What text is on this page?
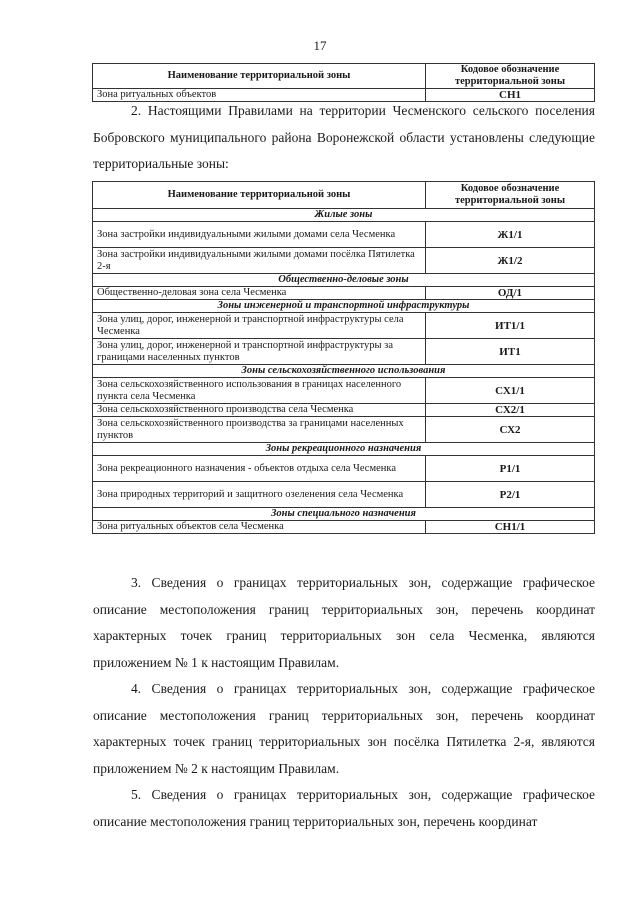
17
Наименование территориальной зоны	Кодовое обозначение территориальной зоны
Зона ритуальных объектов	СН1

2. Настоящими Правилами на территории Чесменского сельского поселения Бобровского муниципального района Воронежской области установлены следующие территориальные зоны:

Наименование территориальной зоны	Кодовое обозначение территориальной зоны
Жилые зоны	
Зона застройки индивидуальными жилыми домами села Чесменка	Ж1/1
Зона застройки индивидуальными жилыми домами посёлка Пятилетка 2-я	Ж1/2
Общественно-деловые зоны	
Общественно-деловая зона села Чесменка	ОД/1
Зоны инженерной и транспортной инфраструктуры	
Зона улиц, дорог, инженерной и транспортной инфраструктуры села Чесменка	ИТ1/1
Зона улиц, дорог, инженерной и транспортной инфраструктуры за границами населенных пунктов	ИТ1
Зоны сельскохозяйственного использования	
Зона сельскохозяйственного использования в границах населенного пункта села Чесменка	СХ1/1
Зона сельскохозяйственного производства села Чесменка	СХ2/1
Зона сельскохозяйственного производства за границами населенных пунктов	СХ2
Зоны рекреационного назначения	
Зона рекреационного назначения - объектов отдыха села Чесменка	Р1/1
Зона природных территорий и защитного озеленения села Чесменка	Р2/1
Зоны специального назначения	
Зона ритуальных объектов села Чесменка	СН1/1

3. Сведения о границах территориальных зон, содержащие графическое описание местоположения границ территориальных зон, перечень координат характерных точек границ территориальных зон села Чесменка, являются приложением № 1 к настоящим Правилам.

4. Сведения о границах территориальных зон, содержащие графическое описание местоположения границ территориальных зон, перечень координат характерных точек границ территориальных зон посёлка Пятилетка 2-я, являются приложением № 2 к настоящим Правилам.

5. Сведения о границах территориальных зон, содержащие графическое описание местоположения границ территориальных зон, перечень координат
